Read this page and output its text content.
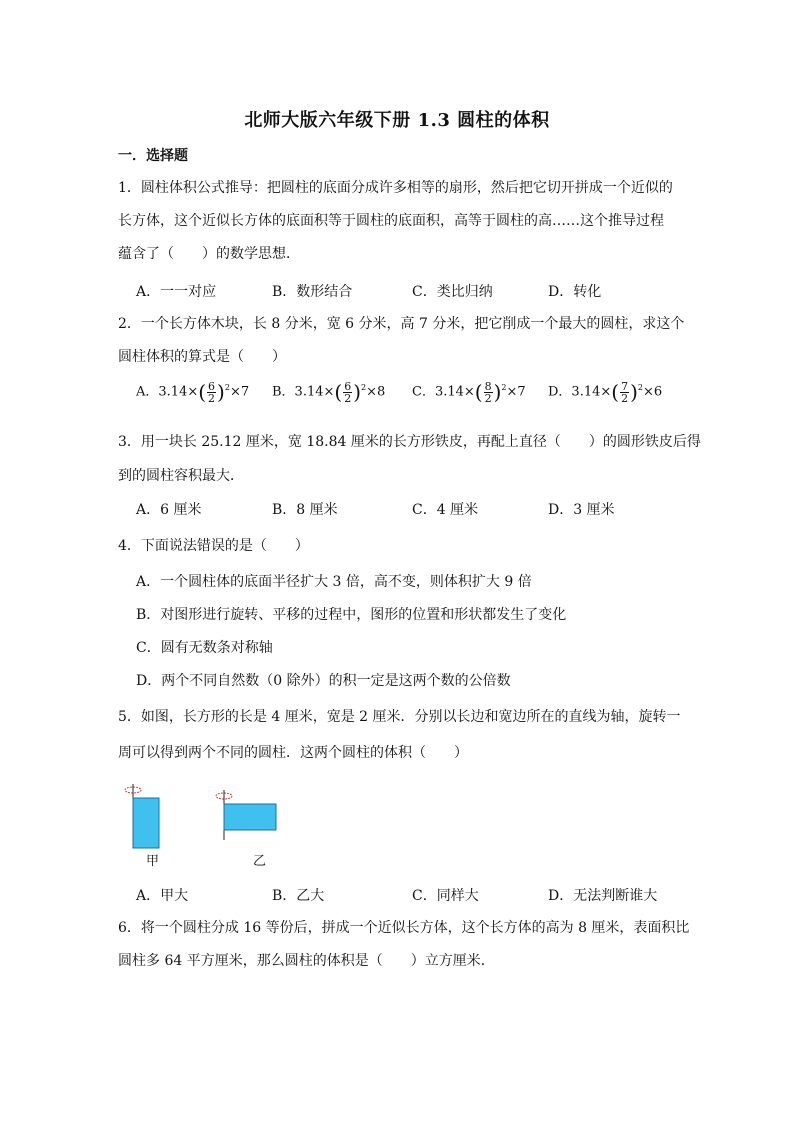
北师大版六年级下册 1.3 圆柱的体积
一．选择题
1．圆柱体积公式推导：把圆柱的底面分成许多相等的扇形，然后把它切开拼成一个近似的
长方体，这个近似长方体的底面积等于圆柱的底面积，高等于圆柱的高……这个推导过程
蕴含了（　　）的数学思想．
A．一一对应	B．数形结合	C．类比归纳	D．转化
2．一个长方体木块，长 8 分米，宽 6 分米，高 7 分米，把它削成一个最大的圆柱，求这个
圆柱体积的算式是（　　）
A．$3.14\times( \frac{6}{2} )^2\times 7$ B．$3.14\times( \frac{6}{2} )^2\times 8$ C．$3.14\times( \frac{8}{2} )^2\times 7$ D．$3.14\times( \frac{7}{2} )^2\times 6$
3．用一块长 25.12 厘米，宽 18.84 厘米的长方形铁皮，再配上直径（　　）的圆形铁皮后得
到的圆柱容积最大．
A．6 厘米	B．8 厘米	C．4 厘米	D．3 厘米
4．下面说法错误的是（　　）
A．一个圆柱体的底面半径扩大 3 倍，高不变，则体积扩大 9 倍
B．对图形进行旋转、平移的过程中，图形的位置和形状都发生了变化
C．圆有无数条对称轴
D．两个不同自然数（0 除外）的积一定是这两个数的公倍数
5．如图，长方形的长是 4 厘米，宽是 2 厘米．分别以长边和宽边所在的直线为轴，旋转一
周可以得到两个不同的圆柱．这两个圆柱的体积（　　）
甲	乙
A．甲大	B．乙大	C．同样大	D．无法判断谁大
6．将一个圆柱分成 16 等份后，拼成一个近似长方体，这个长方体的高为 8 厘米，表面积比
圆柱多 64 平方厘米，那么圆柱的体积是（　　）立方厘米．
